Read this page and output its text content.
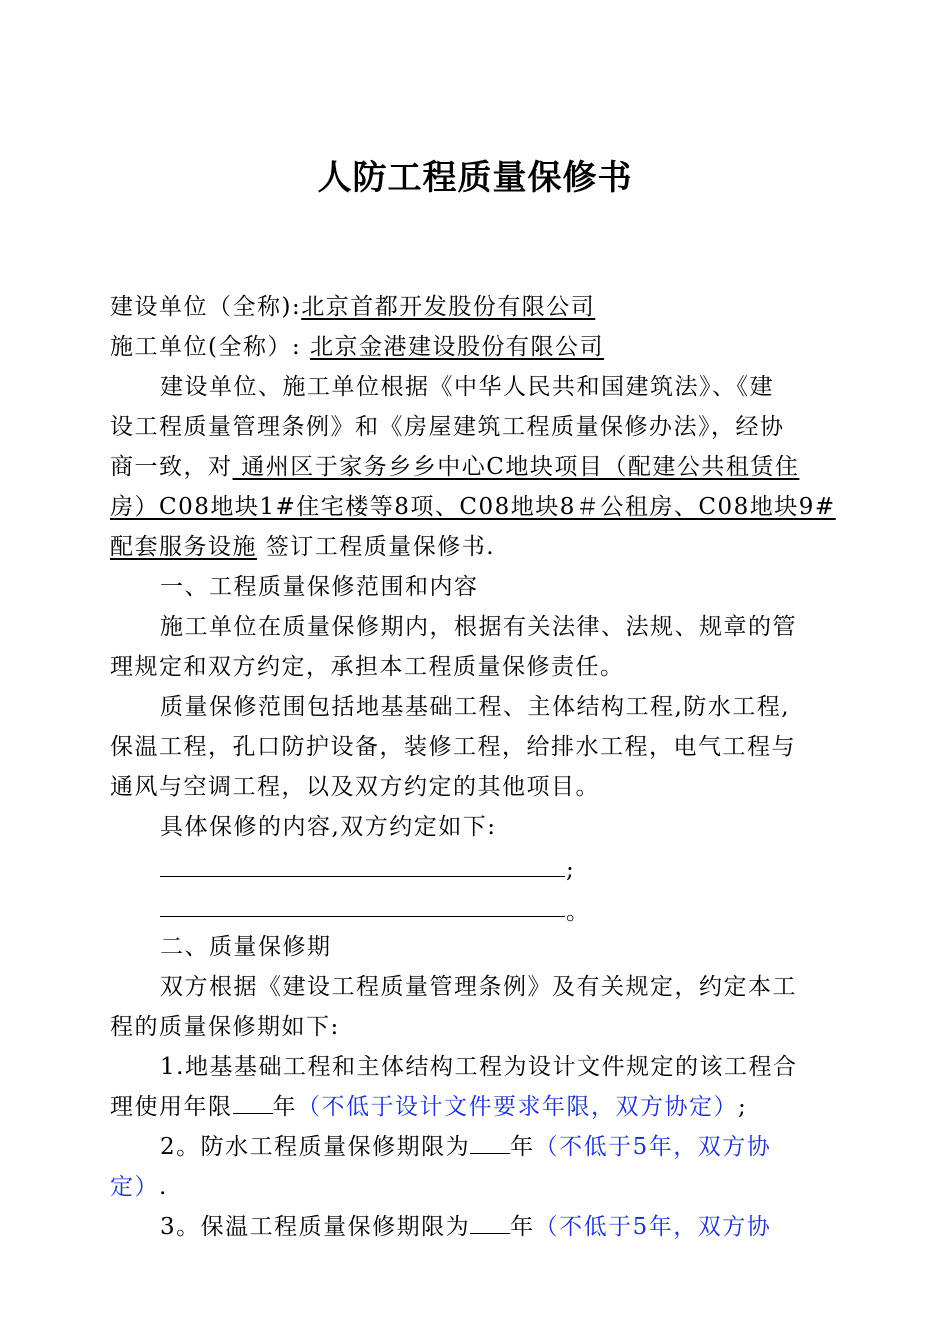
人防工程质量保修书
建设单位（全称):北京首都开发股份有限公司
施工单位(全称）: 北京金港建设股份有限公司
建设单位、施工单位根据《中华人民共和国建筑法》、《建
设工程质量管理条例》和《房屋建筑工程质量保修办法》，经协
商一致，对 通州区于家务乡乡中心C地块项目（配建公共租赁住
房）C08地块1#住宅楼等8项、C08地块8＃公租房、C08地块9#
配套服务设施 签订工程质量保修书.
一、工程质量保修范围和内容
施工单位在质量保修期内，根据有关法律、法规、规章的管
理规定和双方约定，承担本工程质量保修责任。
质量保修范围包括地基基础工程、主体结构工程,防水工程,
保温工程，孔口防护设备，装修工程，给排水工程，电气工程与
通风与空调工程，以及双方约定的其他项目。
具体保修的内容,双方约定如下:
;
。
二、质量保修期
双方根据《建设工程质量管理条例》及有关规定，约定本工
程的质量保修期如下:
1.地基基础工程和主体结构工程为设计文件规定的该工程合
理使用年限 年（不低于设计文件要求年限，双方协定）;
2。防水工程质量保修期限为 年（不低于5年，双方协
定）.
3。保温工程质量保修期限为 年（不低于5年，双方协
